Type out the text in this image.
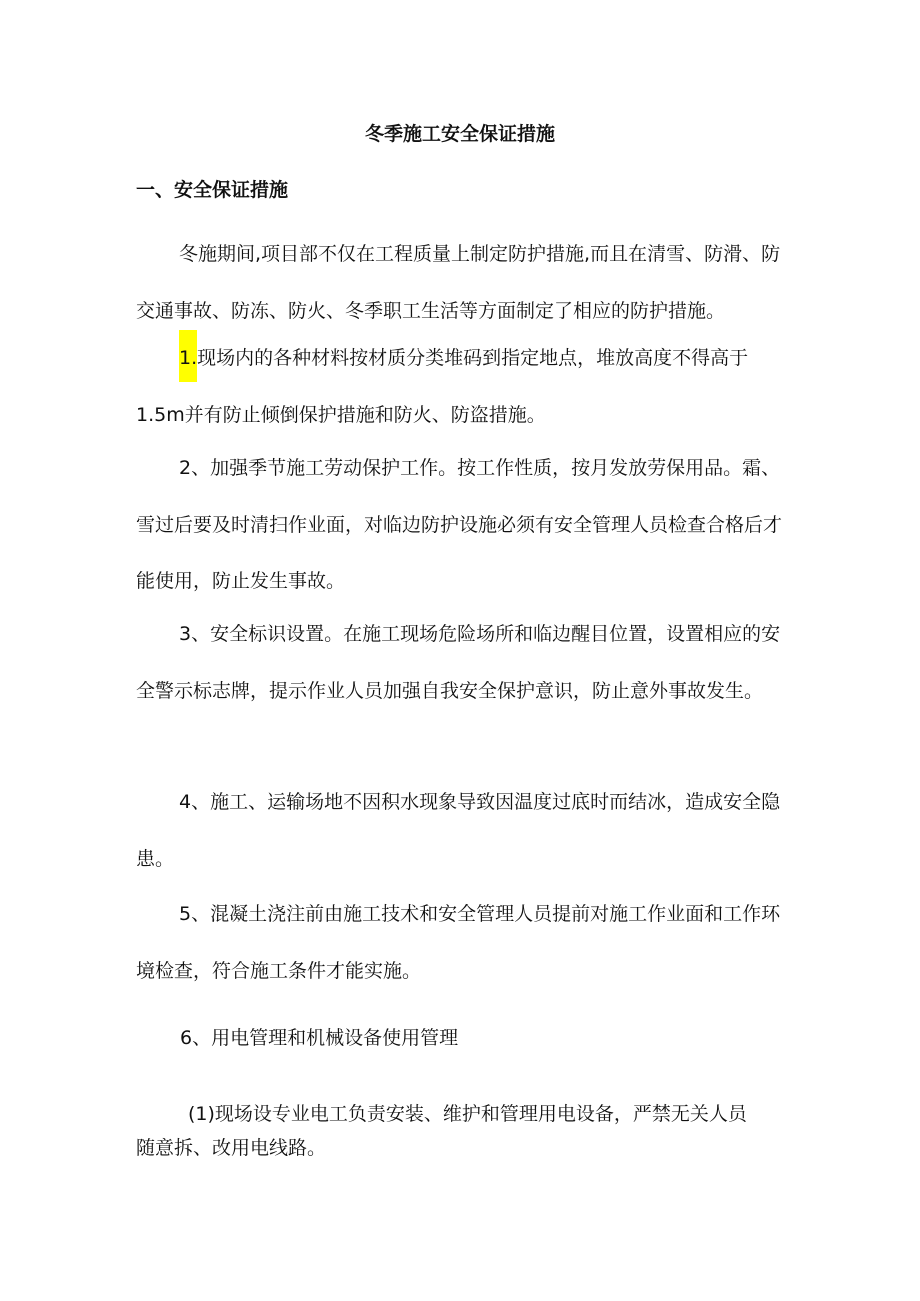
冬季施工安全保证措施
一、安全保证措施

冬施期间,项目部不仅在工程质量上制定防护措施,而且在清雪、防滑、防交通事故、防冻、防火、冬季职工生活等方面制定了相应的防护措施。

1.现场内的各种材料按材质分类堆码到指定地点，堆放高度不得高于1.5m并有防止倾倒保护措施和防火、防盗措施。

2、加强季节施工劳动保护工作。按工作性质，按月发放劳保用品。霜、雪过后要及时清扫作业面，对临边防护设施必须有安全管理人员检查合格后才能使用，防止发生事故。

3、安全标识设置。在施工现场危险场所和临边醒目位置，设置相应的安全警示标志牌，提示作业人员加强自我安全保护意识，防止意外事故发生。

4、施工、运输场地不因积水现象导致因温度过底时而结冰，造成安全隐患。

5、混凝土浇注前由施工技术和安全管理人员提前对施工作业面和工作环境检查，符合施工条件才能实施。

6、用电管理和机械设备使用管理

(1)现场设专业电工负责安装、维护和管理用电设备，严禁无关人员随意拆、改用电线路。
